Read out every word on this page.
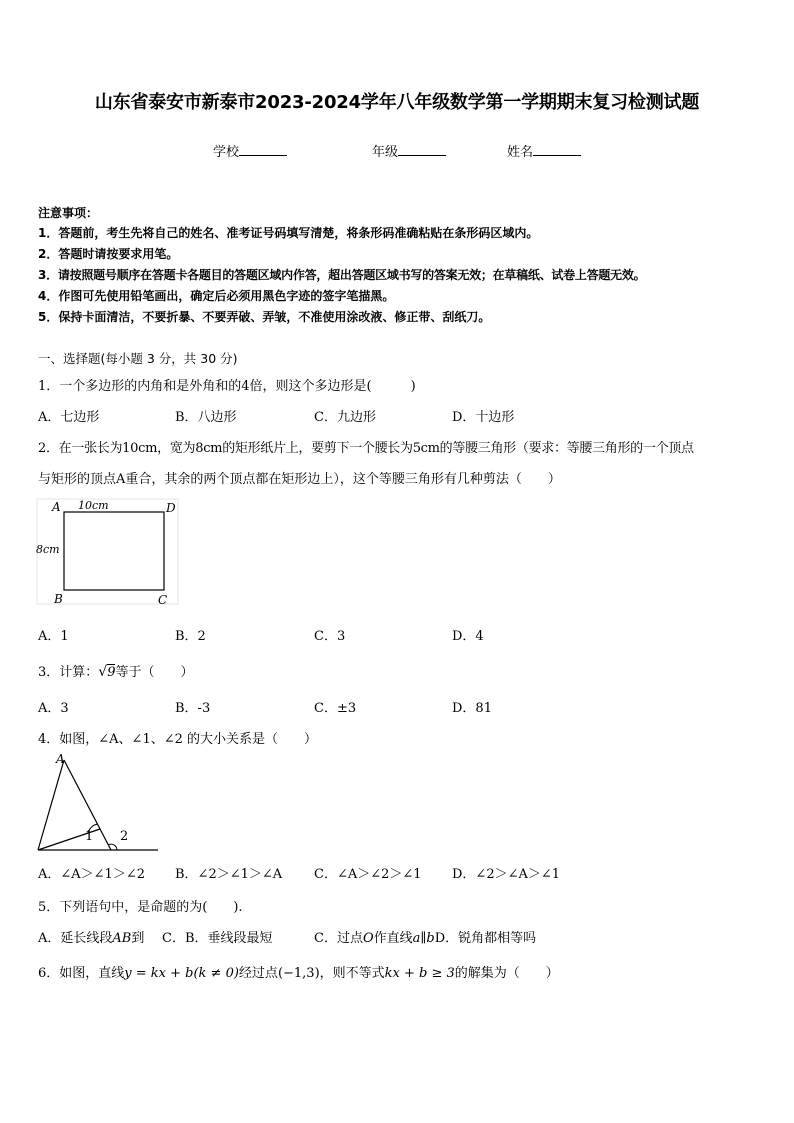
山东省泰安市新泰市2023-2024学年八年级数学第一学期期末复习检测试题
学校	年级	姓名
注意事项：
1．答题前，考生先将自己的姓名、准考证号码填写清楚，将条形码准确粘贴在条形码区域内。
2．答题时请按要求用笔。
3．请按照题号顺序在答题卡各题目的答题区域内作答，超出答题区域书写的答案无效；在草稿纸、试卷上答题无效。
4．作图可先使用铅笔画出，确定后必须用黑色字迹的签字笔描黑。
5．保持卡面清洁，不要折暴、不要弄破、弄皱，不准使用涂改液、修正带、刮纸刀。
一、选择题(每小题 3 分，共 30 分)
1．一个多边形的内角和是外角和的4倍，则这个多边形是(　　　)
A．七边形	B．八边形	C．九边形	D．十边形
2．在一张长为10cm，宽为8cm的矩形纸片上，要剪下一个腰长为5cm的等腰三角形（要求：等腰三角形的一个顶点
与矩形的顶点A重合，其余的两个顶点都在矩形边上），这个等腰三角形有几种剪法（　　）
A	D
B	C
10cm
8cm
A．1	B．2	C．3	D．4
3．计算：√9等于（　　）
A．3	B．-3	C．±3	D．81
4．如图，∠A、∠1、∠2 的大小关系是（　　）
A
1 2
A．∠A＞∠1＞∠2 B．∠2＞∠1＞∠A C．∠A＞∠2＞∠1 D．∠2＞∠A＞∠1
5．下列语句中，是命题的为(　　).
A．延长线段AB到 C．B．垂线段最短	C．过点O作直线a∥bD．锐角都相等吗
6．如图，直线y = kx + b(k ≠ 0)经过点(−1,3)，则不等式kx + b ≥ 3的解集为（　　）
